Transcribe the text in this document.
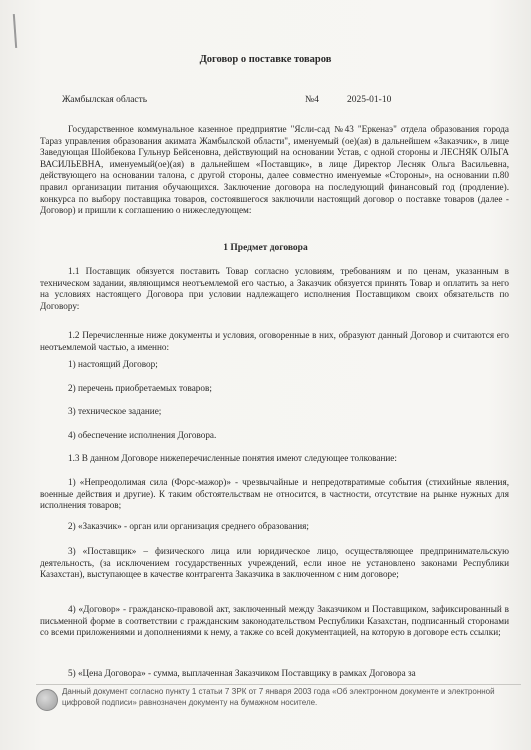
Договор о поставке товаров
Жамбылская область	№4	2025-01-10

Государственное коммунальное казенное предприятие "Ясли-сад №43 "Еркенаэ" отдела образования города Тараз управления образования акимата Жамбылской области", именуемый (ое)(ая) в дальнейшем «Заказчик», в лице Заведующая Шойбекова Гульнур Бейсеновна, действующий на основании Устав, с одной стороны и ЛЕСНЯК ОЛЬГА ВАСИЛЬЕВНА, именуемый(ое)(ая) в дальнейшем «Поставщик», в лице Директор Лесняк Ольга Васильевна, действующего на основании талона, с другой стороны, далее совместно именуемые «Стороны», на основании п.80 правил организации питания обучающихся. Заключение договора на последующий финансовый год (продление). конкурса по выбору поставщика товаров, состоявшегося заключили настоящий договор о поставке товаров (далее - Договор) и пришли к соглашению о нижеследующем:

1 Предмет договора

1.1 Поставщик обязуется поставить Товар согласно условиям, требованиям и по ценам, указанным в техническом задании, являющимся неотъемлемой его частью, а Заказчик обязуется принять Товар и оплатить за него на условиях настоящего Договора при условии надлежащего исполнения Поставщиком своих обязательств по Договору:

1.2 Перечисленные ниже документы и условия, оговоренные в них, образуют данный Договор и считаются его неотъемлемой частью, а именно:

1) настоящий Договор;

2) перечень приобретаемых товаров;

3) техническое задание;

4) обеспечение исполнения Договора.

1.3 В данном Договоре нижеперечисленные понятия имеют следующее толкование:

1) «Непреодолимая сила (Форс-мажор)» - чрезвычайные и непредотвратимые события (стихийные явления, военные действия и другие). К таким обстоятельствам не относится, в частности, отсутствие на рынке нужных для исполнения товаров;

2) «Заказчик» - орган или организация среднего образования;

3) «Поставщик» – физического лица или юридическое лицо, осуществляющее предпринимательскую деятельность, (за исключением государственных учреждений, если иное не установлено законами Республики Казахстан), выступающее в качестве контрагента Заказчика в заключенном с ним договоре;

4) «Договор» - гражданско-правовой акт, заключенный между Заказчиком и Поставщиком, зафиксированный в письменной форме в соответствии с гражданским законодательством Республики Казахстан, подписанный сторонами со всеми приложениями и дополнениями к нему, а также со всей документацией, на которую в договоре есть ссылки;

5) «Цена Договора» - сумма, выплаченная Заказчиком Поставщику в рамках Договора за

Данный документ согласно пункту 1 статьи 7 ЗРК от 7 января 2003 года «Об электронном документе и электронной цифровой подписи» равнозначен документу на бумажном носителе.
